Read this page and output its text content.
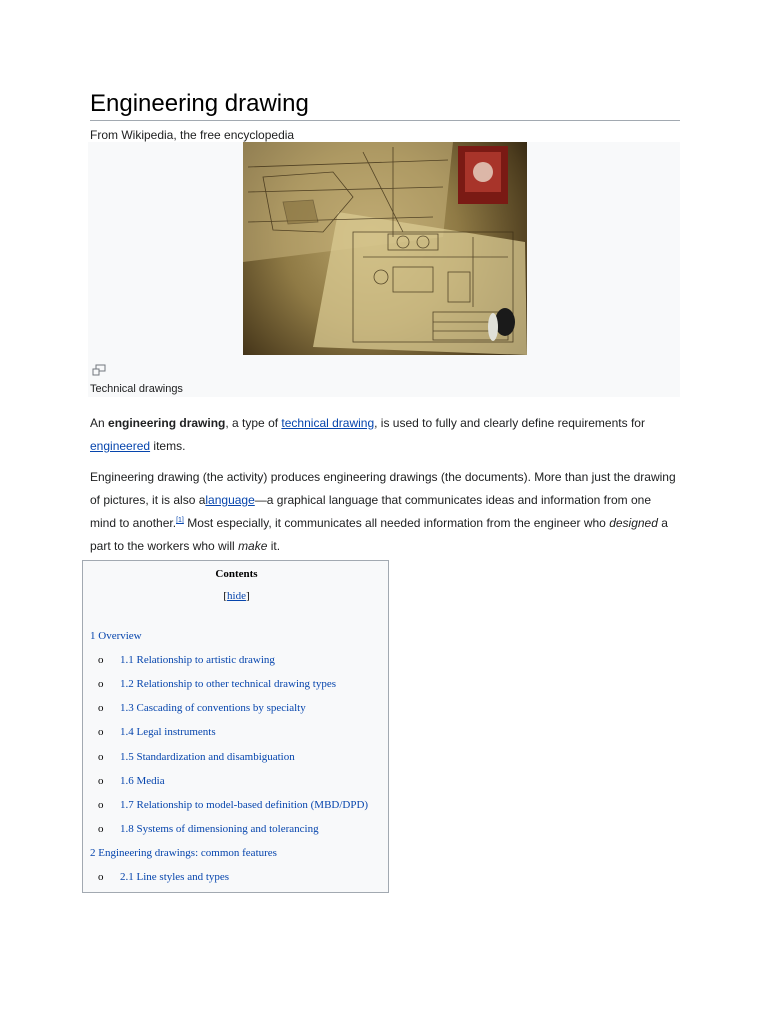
Engineering drawing
From Wikipedia, the free encyclopedia
Technical drawings

An engineering drawing, a type of technical drawing, is used to fully and clearly define requirements for engineered items.

Engineering drawing (the activity) produces engineering drawings (the documents). More than just the drawing of pictures, it is also alanguage—a graphical language that communicates ideas and information from one mind to another.[1] Most especially, it communicates all needed information from the engineer who designed a part to the workers who will make it.

Contents
[hide]
1 Overview
o 1.1 Relationship to artistic drawing
o 1.2 Relationship to other technical drawing types
o 1.3 Cascading of conventions by specialty
o 1.4 Legal instruments
o 1.5 Standardization and disambiguation
o 1.6 Media
o 1.7 Relationship to model-based definition (MBD/DPD)
o 1.8 Systems of dimensioning and tolerancing
2 Engineering drawings: common features
o 2.1 Line styles and types
